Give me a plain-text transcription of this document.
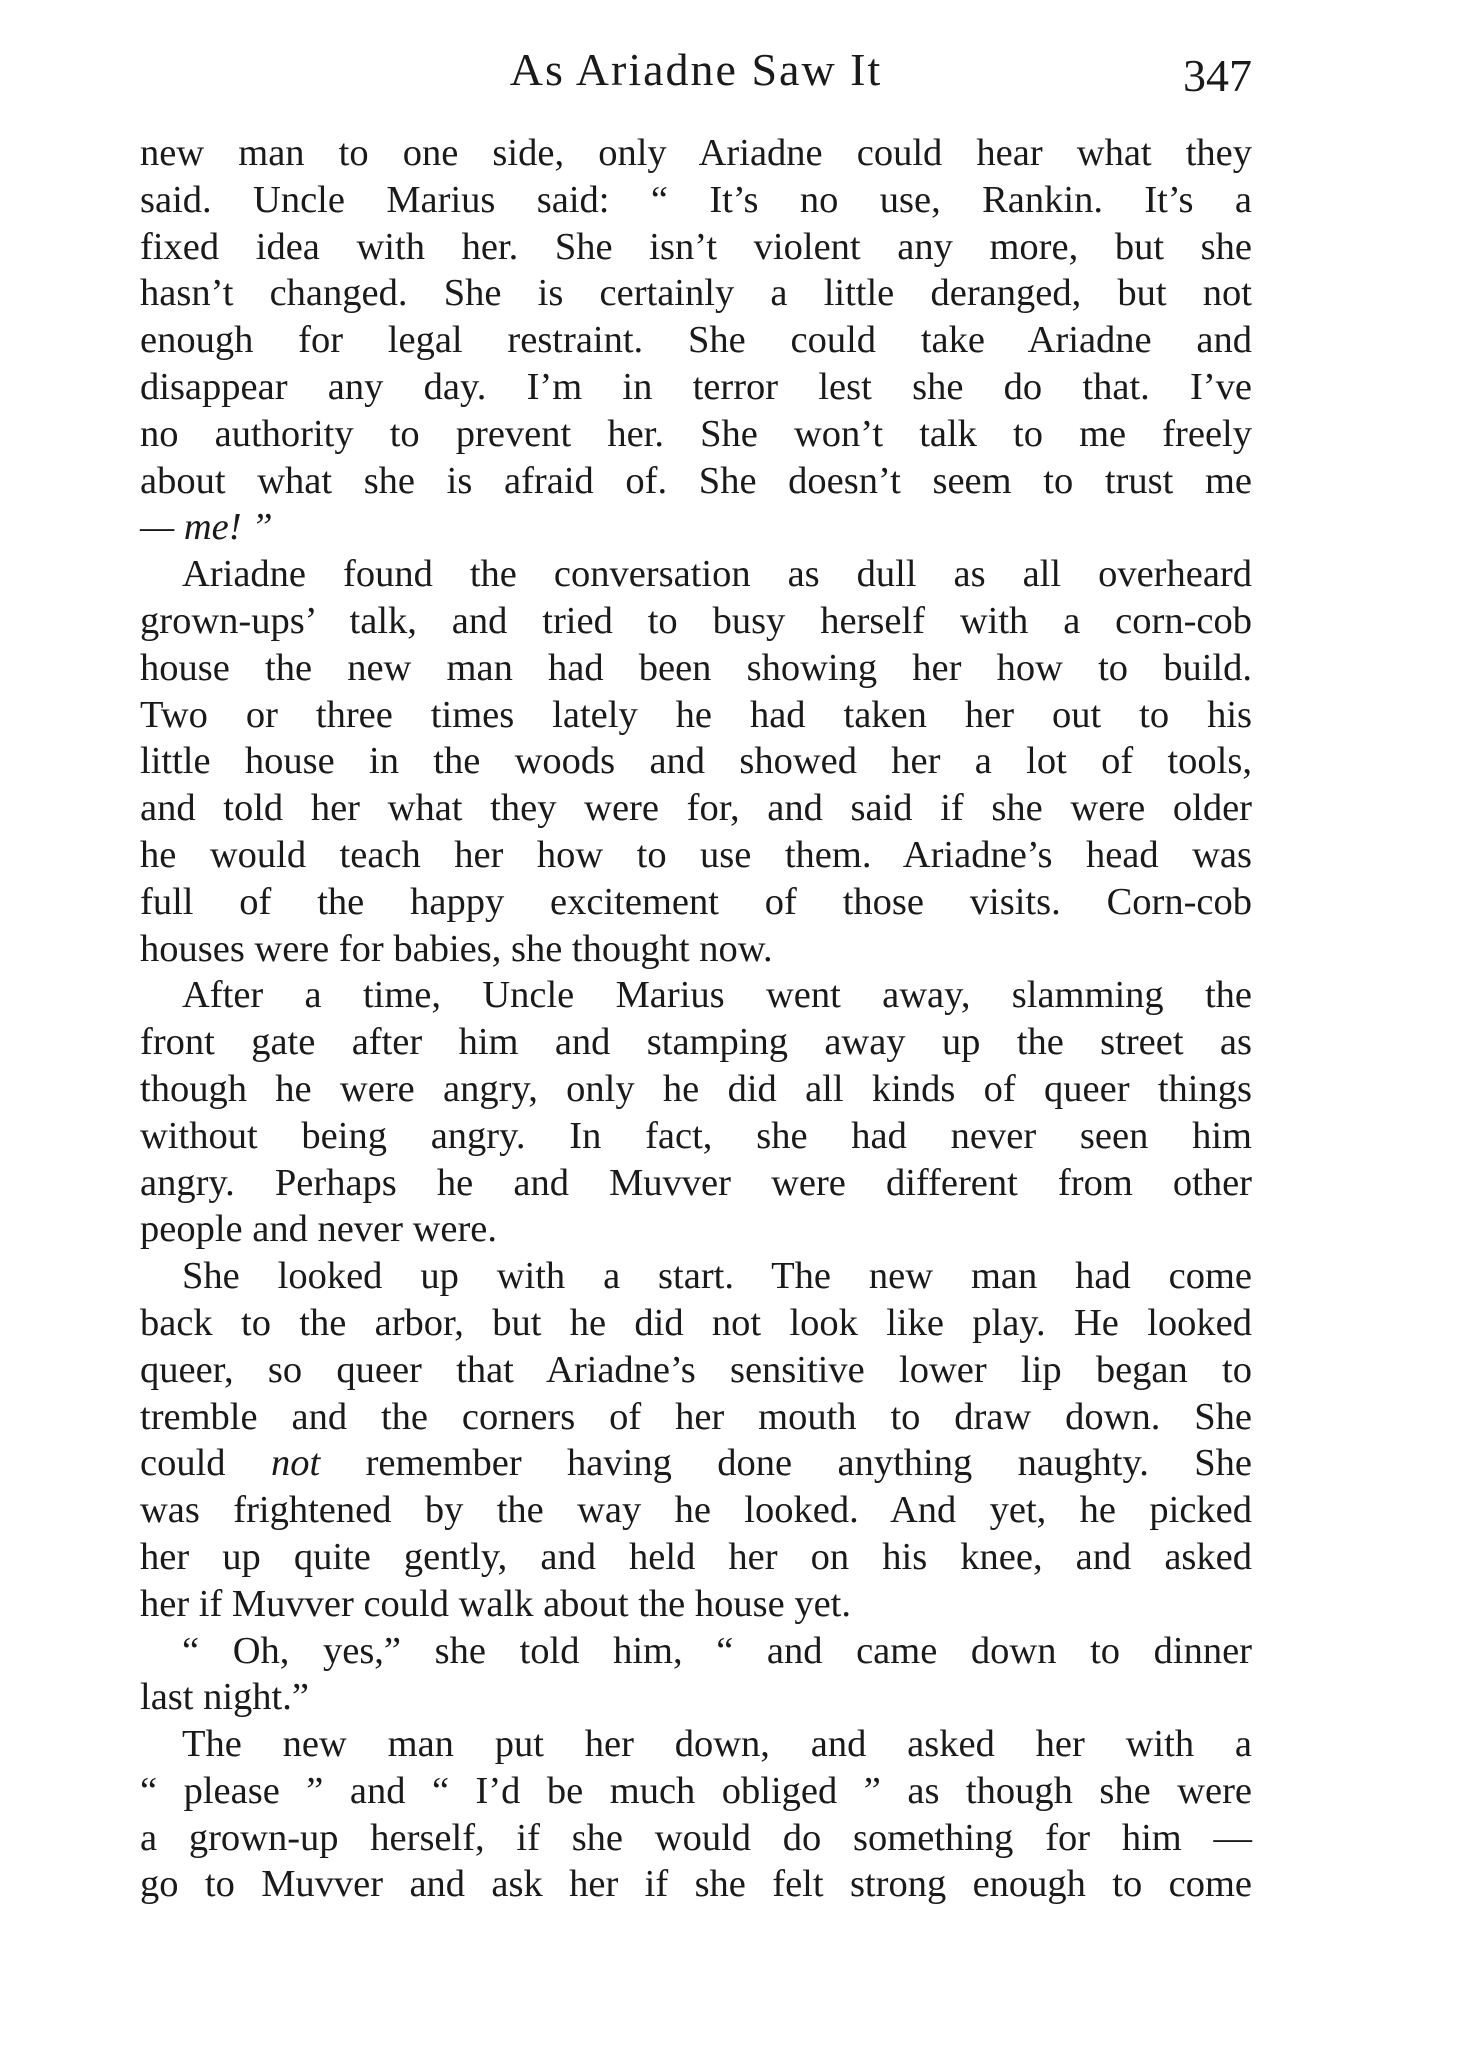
As Ariadne Saw It	347
new man to one side, only Ariadne could hear what they
said. Uncle Marius said: “ It’s no use, Rankin. It’s a
fixed idea with her. She isn’t violent any more, but she
hasn’t changed. She is certainly a little deranged, but not
enough for legal restraint. She could take Ariadne and
disappear any day. I’m in terror lest she do that. I’ve
no authority to prevent her. She won’t talk to me freely
about what she is afraid of. She doesn’t seem to trust me
— me! ”
Ariadne found the conversation as dull as all overheard
grown-ups’ talk, and tried to busy herself with a corn-cob
house the new man had been showing her how to build.
Two or three times lately he had taken her out to his
little house in the woods and showed her a lot of tools,
and told her what they were for, and said if she were older
he would teach her how to use them. Ariadne’s head was
full of the happy excitement of those visits. Corn-cob
houses were for babies, she thought now.
After a time, Uncle Marius went away, slamming the
front gate after him and stamping away up the street as
though he were angry, only he did all kinds of queer things
without being angry. In fact, she had never seen him
angry. Perhaps he and Muvver were different from other
people and never were.
She looked up with a start. The new man had come
back to the arbor, but he did not look like play. He looked
queer, so queer that Ariadne’s sensitive lower lip began to
tremble and the corners of her mouth to draw down. She
could not remember having done anything naughty. She
was frightened by the way he looked. And yet, he picked
her up quite gently, and held her on his knee, and asked
her if Muvver could walk about the house yet.
“ Oh, yes,” she told him, “ and came down to dinner
last night.”
The new man put her down, and asked her with a
“ please ” and “ I’d be much obliged ” as though she were
a grown-up herself, if she would do something for him —
go to Muvver and ask her if she felt strong enough to come
